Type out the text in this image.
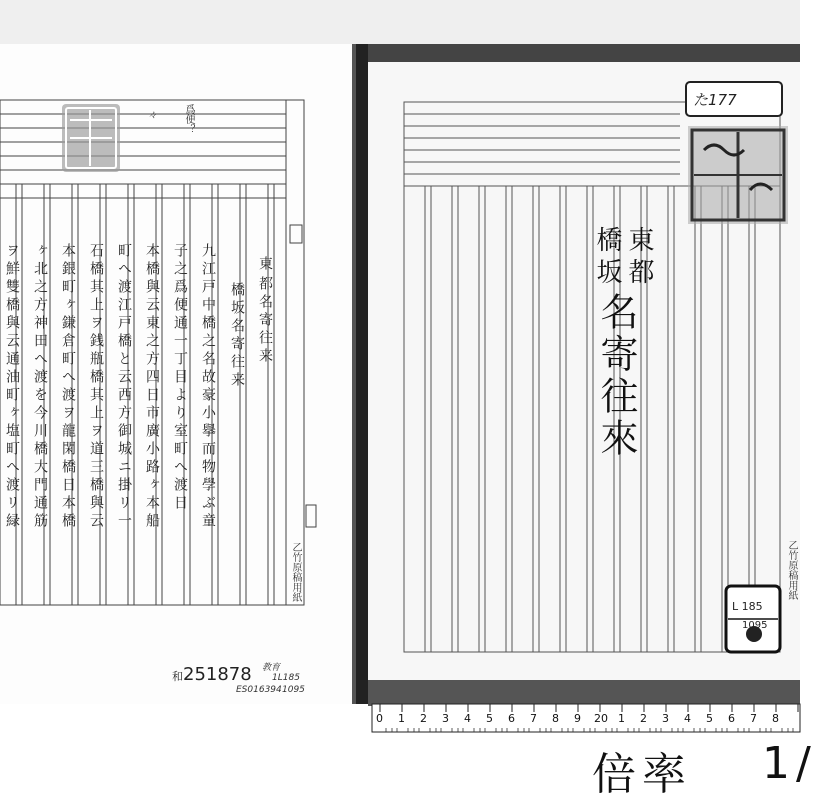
九江戸中橋之名故豪小擧而物學ぶ童
子之爲便通一丁目より室町へ渡日
本橋與云東之方四日市廣小路ヶ本船
町へ渡江戸橋と云西方御城ニ掛リ一
石橋其上ヲ銭瓶橋其上ヲ道三橋與云
本銀町ヶ鎌倉町へ渡ヲ龍閑橋日本橋
ヶ北之方神田へ渡を今川橋大門通筋
ヲ鮮雙橋與云通油町ヶ塩町へ渡リ緑	東
都名寄往来
橋坂名寄往来
爲便？
々
乙竹原稿用紙
和251878 教育
1L185
1095
ES016394
た177
東都
橋坂
名寄往來
乙竹原稿用紙
L 185
1095
0 1 2 3 4 5 6 7 8 9 20 1 2 3 4 5 6 7 8
倍率 1/
